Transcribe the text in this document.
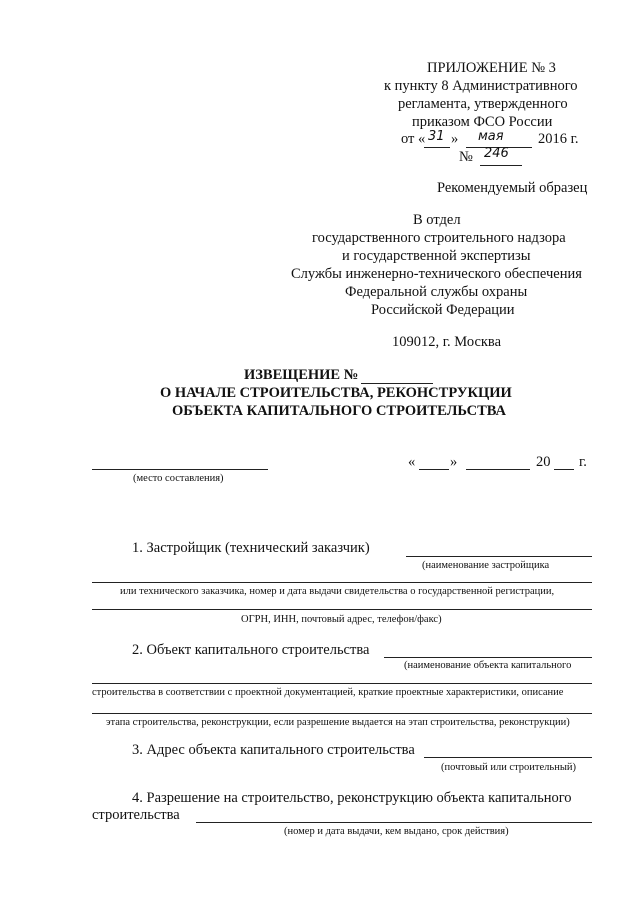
ПРИЛОЖЕНИЕ № 3
к пункту 8 Административного
регламента, утвержденного
приказом ФСО России
от « 31 » мая 2016 г.
№ 246
Рекомендуемый образец
В отдел
государственного строительного надзора
и государственной экспертизы
Службы инженерно-технического обеспечения
Федеральной службы охраны
Российской Федерации
109012, г. Москва
ИЗВЕЩЕНИЕ №
О НАЧАЛЕ СТРОИТЕЛЬСТВА, РЕКОНСТРУКЦИИ
ОБЪЕКТА КАПИТАЛЬНОГО СТРОИТЕЛЬСТВА
(место составления)
« »	20 г.
1. Застройщик (технический заказчик)
(наименование застройщика
или технического заказчика, номер и дата выдачи свидетельства о государственной регистрации,
ОГРН, ИНН, почтовый адрес, телефон/факс)
2. Объект капитального строительства
(наименование объекта капитального
строительства в соответствии с проектной документацией, краткие проектные характеристики, описание
этапа строительства, реконструкции, если разрешение выдается на этап строительства, реконструкции)
3. Адрес объекта капитального строительства
(почтовый или строительный)
4. Разрешение на строительство, реконструкцию объекта капитального
строительства
(номер и дата выдачи, кем выдано, срок действия)
